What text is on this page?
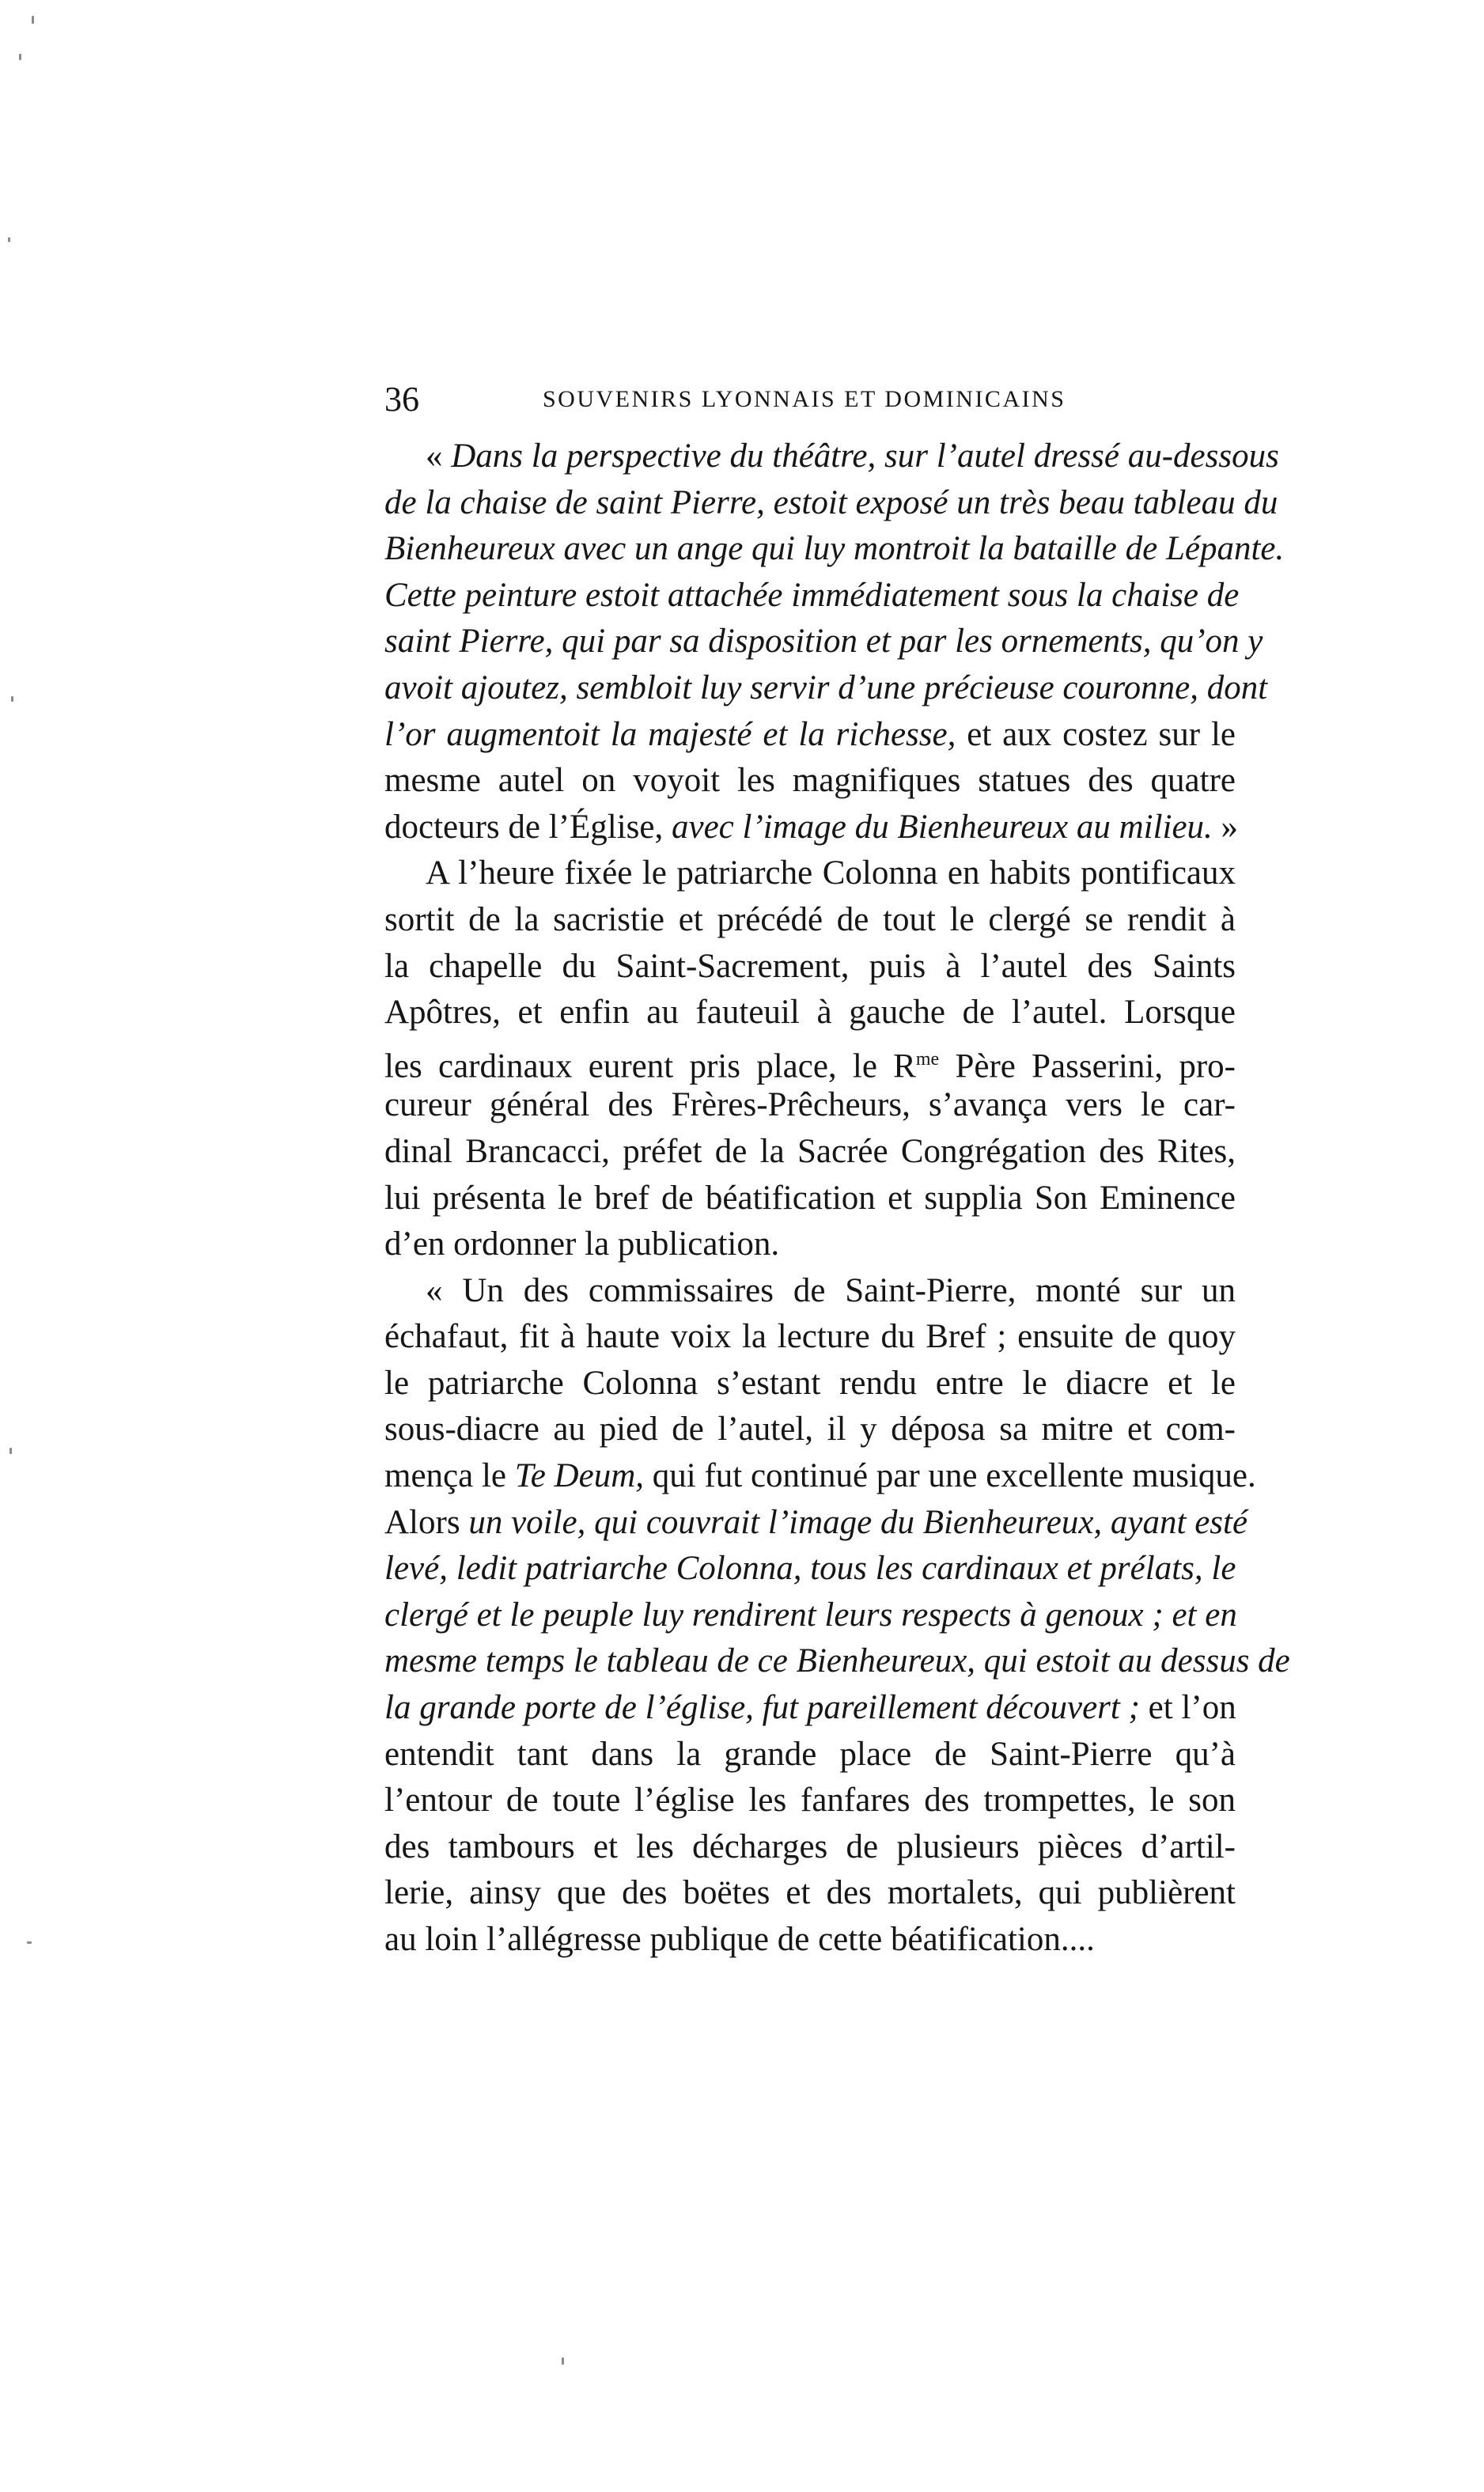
36	SOUVENIRS LYONNAIS ET DOMINICAINS
« Dans la perspective du théâtre, sur l’autel dressé au-dessous
de la chaise de saint Pierre, estoit exposé un très beau tableau du
Bienheureux avec un ange qui luy montroit la bataille de Lépante.
Cette peinture estoit attachée immédiatement sous la chaise de
saint Pierre, qui par sa disposition et par les ornements, qu’on y
avoit ajoutez, sembloit luy servir d’une précieuse couronne, dont
l’or augmentoit la majesté et la richesse, et aux costez sur le
mesme autel on voyoit les magnifiques statues des quatre
docteurs de l’Église, avec l’image du Bienheureux au milieu. »
A l’heure fixée le patriarche Colonna en habits pontificaux
sortit de la sacristie et précédé de tout le clergé se rendit à
la chapelle du Saint-Sacrement, puis à l’autel des Saints
Apôtres, et enfin au fauteuil à gauche de l’autel. Lorsque
les cardinaux eurent pris place, le $R^{me}$ Père Passerini, pro-
cureur général des Frères-Prêcheurs, s’avança vers le car-
dinal Brancacci, préfet de la Sacrée Congrégation des Rites,
lui présenta le bref de béatification et supplia Son Eminence
d’en ordonner la publication.
« Un des commissaires de Saint-Pierre, monté sur un
échafaut, fit à haute voix la lecture du Bref ; ensuite de quoy
le patriarche Colonna s’estant rendu entre le diacre et le
sous-diacre au pied de l’autel, il y déposa sa mitre et com-
mença le Te Deum, qui fut continué par une excellente musique.
Alors un voile, qui couvrait l’image du Bienheureux, ayant esté
levé, ledit patriarche Colonna, tous les cardinaux et prélats, le
clergé et le peuple luy rendirent leurs respects à genoux ; et en
mesme temps le tableau de ce Bienheureux, qui estoit au dessus de
la grande porte de l’église, fut pareillement découvert ; et l’on
entendit tant dans la grande place de Saint-Pierre qu’à
l’entour de toute l’église les fanfares des trompettes, le son
des tambours et les décharges de plusieurs pièces d’artil-
lerie, ainsy que des boëtes et des mortalets, qui publièrent
au loin l’allégresse publique de cette béatification....
